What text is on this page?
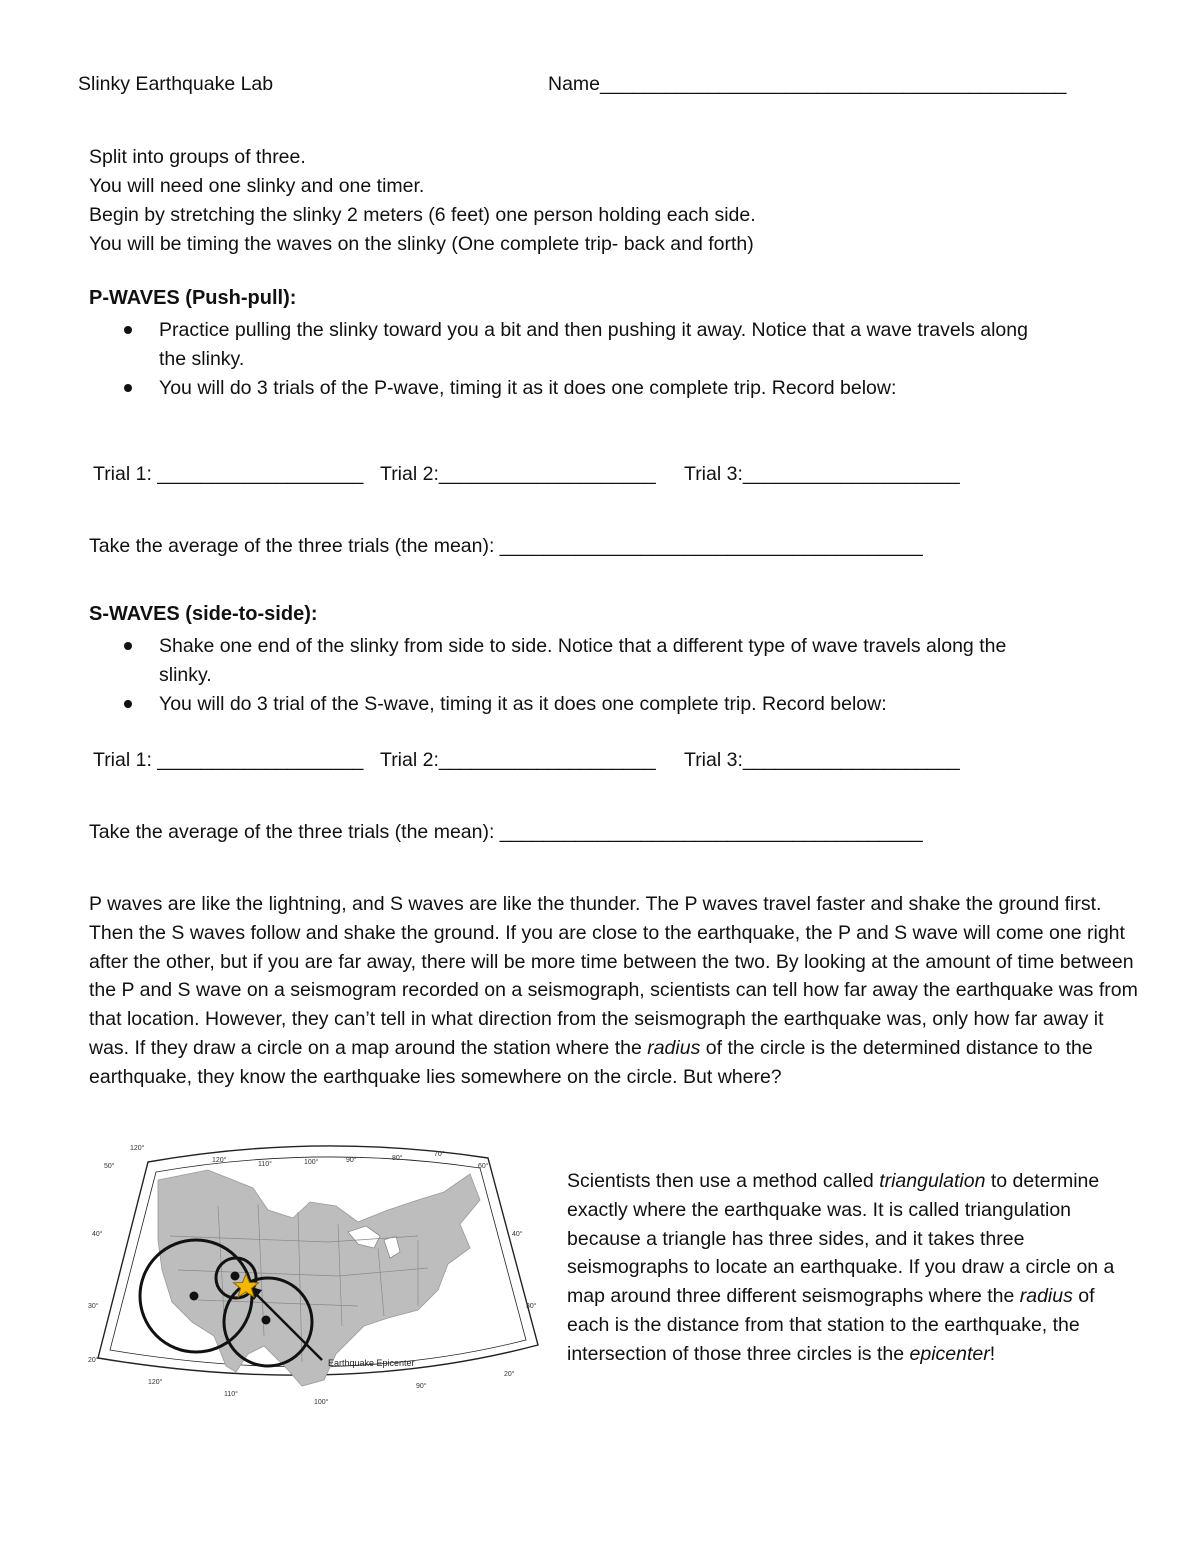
Slinky Earthquake Lab	Name___________________________________________
Split into groups of three.
You will need one slinky and one timer.
Begin by stretching the slinky 2 meters (6 feet) one person holding each side.
You will be timing the waves on the slinky (One complete trip- back and forth)
P-WAVES (Push-pull):
Practice pulling the slinky toward you a bit and then pushing it away. Notice that a wave travels along
the slinky.
You will do 3 trials of the P-wave, timing it as it does one complete trip. Record below:
Trial 1: ___________________ Trial 2:____________________ Trial 3:____________________
Take the average of the three trials (the mean): _______________________________________
S-WAVES (side-to-side):
Shake one end of the slinky from side to side. Notice that a different type of wave travels along the
slinky.
You will do 3 trial of the S-wave, timing it as it does one complete trip. Record below:
Trial 1: ___________________ Trial 2:____________________ Trial 3:____________________
Take the average of the three trials (the mean): _______________________________________
P waves are like the lightning, and S waves are like the thunder. The P waves travel faster and shake the ground first. Then the S waves follow and shake the ground. If you are close to the earthquake, the P and S wave will come one right after the other, but if you are far away, there will be more time between the two. By looking at the amount of time between the P and S wave on a seismogram recorded on a seismograph, scientists can tell how far away the earthquake was from that location. However, they can’t tell in what direction from the seismograph the earthquake was, only how far away it was. If they draw a circle on a map around the station where the radius of the circle is the determined distance to the earthquake, they know the earthquake lies somewhere on the circle. But where?
Earthquake Epicenter
120°
120°
110°	100°	90°	80°
70°
60°
50°
40°
30°
20°
120°
110°
100°
90°
40°
30°
20°
Scientists then use a method called triangulation to determine exactly where the earthquake was. It is called triangulation because a triangle has three sides, and it takes three seismographs to locate an earthquake. If you draw a circle on a map around three different seismographs where the radius of each is the distance from that station to the earthquake, the intersection of those three circles is the epicenter!
